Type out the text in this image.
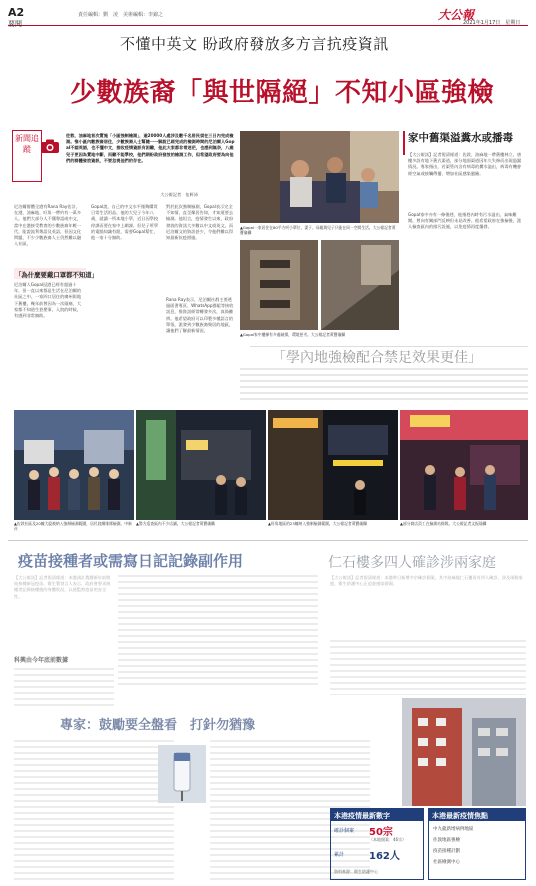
A2	責任編輯：劉　凌　美術編輯：李錦之	大公報
2021年1月17日　星期日
要聞
不懂中英文 盼政府發放多方言抗疫資訊
少數族裔「與世隔絕」不知小區強檢
新聞追蹤
佐敦、油麻地首次實施「小區強制檢測」，逾20000人處涉及數千名居民須在三日內完成檢測。惟小區內數族裔居住，少數族裔人士幫隨一一解說已經完成的檢測時間的尼泊爾人Gopal不諳英語，也不懂中文，接收疫情資訊有困難，他此大家都非常迷茫，也感到無奈，八歲兒子更因為實地中斷，而難不能學校，他們期盼政府發放的檢測工作，但希望政府要為向他們的群體發放資訊，不要忽視他們的存在。
大公報記者　伍軒沛
尼泊爾群體全港有Rana Ray估計，在港，油麻地、旺角一帶約有一萬多人。他們大部分人不懂粵語或中文，當中在港接受教育的少數族裔年輕一代，能說流利粵語及英語，但因文化問題，不少少數族裔人士仍然難以融入社區。
「為什麼要戴口罩都不知道」
尼泊爾人Gopal逗港已經有超過十年，但一直以來都是生活在尼泊爾的社區之中。一家四口居住的廣州街地下舊樓，幾年前曾因為一次頭痛，大家都不知道生甚麼事，入院的時候，有感到非常無助。
Gopal說，自己的中文水平僅夠購買日常生活用品。他的大兒子今年八歲，就讀一所本地小學，近日因學校停課而要在家中上網課。但兒子所學的電腦知識有限，需要Gopal幫忙，他一家十分無助。
對於此次強制檢測，Gopal表示完全不知情，直至鄰居告知，才知道要去檢測。他坦言，疫情發生以來，政府發放的資訊大多數以中文或英文，而尼泊爾文的資訊甚少，令他們難以得知最新抗疫措施。
Rana Ray表示，尼泊爾社群主要透過面書專頁、WhatsApp群組等接收訊息，惟資訊經常轉發多次，真偽難辨。他希望政府可以印製多種語言的單張，派發到少數族裔聚居的地區，讓他們了解最新情況。
▲Gopal一家居住在80平方呎小單位，妻子、母親與兒子只能在同一空間生活。大公報記者黃寶儀攝
▲Gopal家中樓梯有多處破損，環境惡劣。大公報記者黃寶儀攝
家中舊渠溢糞水或播毒
【大公報訊】記者倪清報道：佐敦、油麻地一帶舊樓林立，唐樓多設有地下舊式渠道，部分地面渠道因年久失修而出現溢漏情況。專家指出，若渠管內含有病毒的糞水溢出，病毒有機會經空氣或接觸傳播，增加社區感染風險。
Gopal家中亦有一條後巷，他指巷內時有污水溢出，氣味難聞，曾向有關部門反映但未見改善。他希望政府在強檢後，派人檢查區內的排污設施，以免疫情再度爆發。
「學內地強檢配合禁足效果更佳」
▲佐敦社區及20幢大廈被納入強制檢測範圍，居民陸續排隊檢測。中新社
▲警方巡查區內不少店鋪。大公報記者黃寶儀攝	▲旺角地區的23幢納入強制檢測範圍。大公報記者黃寶儀攝	▲部分商店員工在檢測站排隊。大公報記者文振瑜攝
疫苗接種者或需寫日記記錄副作用	仁石樓多四人確診涉兩家庭
【大公報訊】記者倪清報道：本港預計農曆新年前開始接種新冠疫苗。衞生署發言人表示，政府會要求接種者記錄接種後的身體狀況，以便監察疫苗的安全性。
科興由今年底前數據
【大公報訊】記者倪清報道：本港昨日新增多宗確診個案。其中油麻地仁石樓再有四人確診，涉及兩個家庭，衞生防護中心正追查感染源頭。
專家：鼓勵要全盤看　打針勿猶豫
本港疫情最新數字
確診個案 50宗
（本地個案：46宗）
累計 162人
資料來源：衞生防護中心
本港最新疫情焦點
中九龍新增病例地區
佐敦地區強檢
疫苗接種計劃
社區檢測中心
